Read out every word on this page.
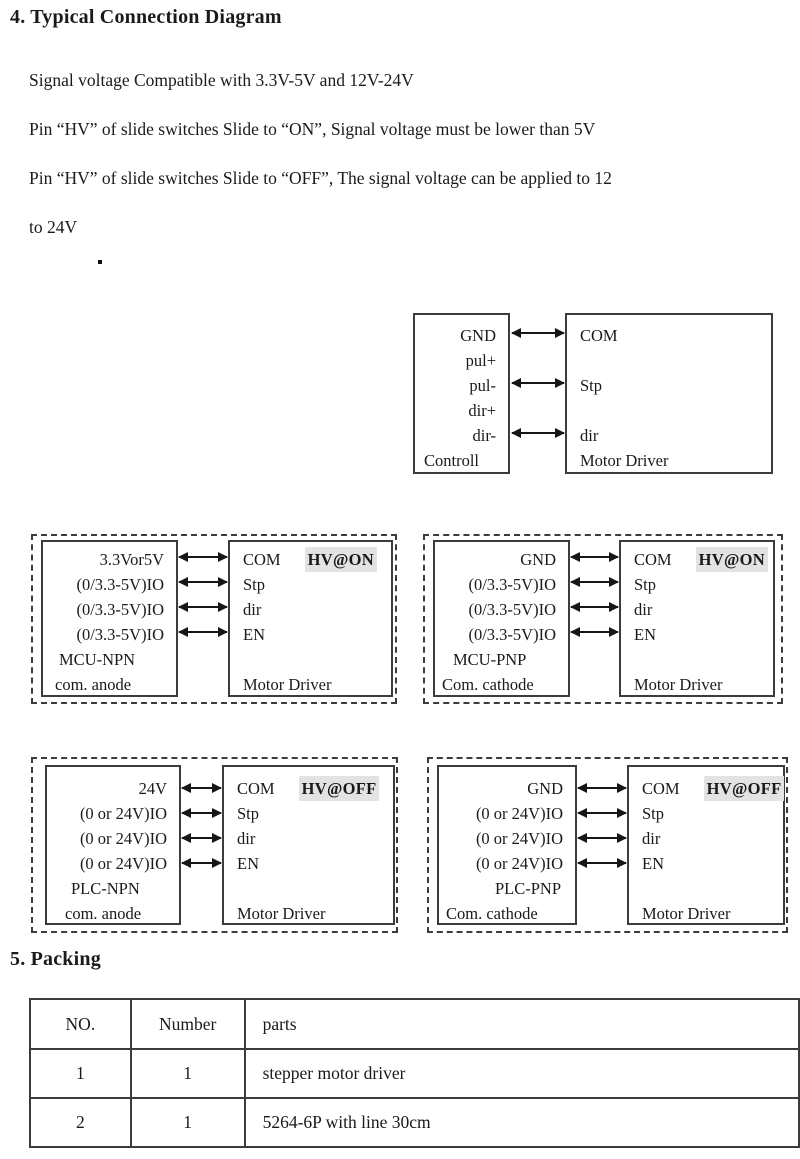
4. Typical Connection Diagram
Signal voltage Compatible with 3.3V-5V and 12V-24V
Pin “HV” of slide switches Slide to “ON”, Signal voltage must be lower than 5V
Pin “HV” of slide switches Slide to “OFF”, The signal voltage can be applied to 12
to 24V
GND
pul+
pul-
dir+
dir-
Controll
COM
Stp
dir
Motor Driver
3.3Vor5V
(0/3.3-5V)IO
(0/3.3-5V)IO
(0/3.3-5V)IO
MCU-NPN
com. anode
COM HV@ON
Stp
dir
EN
Motor Driver
GND
(0/3.3-5V)IO
(0/3.3-5V)IO
(0/3.3-5V)IO
MCU-PNP
Com. cathode
COM HV@ON
Stp
dir
EN
Motor Driver
24V
(0 or 24V)IO
(0 or 24V)IO
(0 or 24V)IO
PLC-NPN
com. anode
COM HV@OFF
Stp
dir
EN
Motor Driver
GND
(0 or 24V)IO
(0 or 24V)IO
(0 or 24V)IO
PLC-PNP
Com. cathode
COM HV@OFF
Stp
dir
EN
Motor Driver
5. Packing
NO.	Number	parts
1	1	stepper motor driver
2	1	5264-6P with line 30cm
